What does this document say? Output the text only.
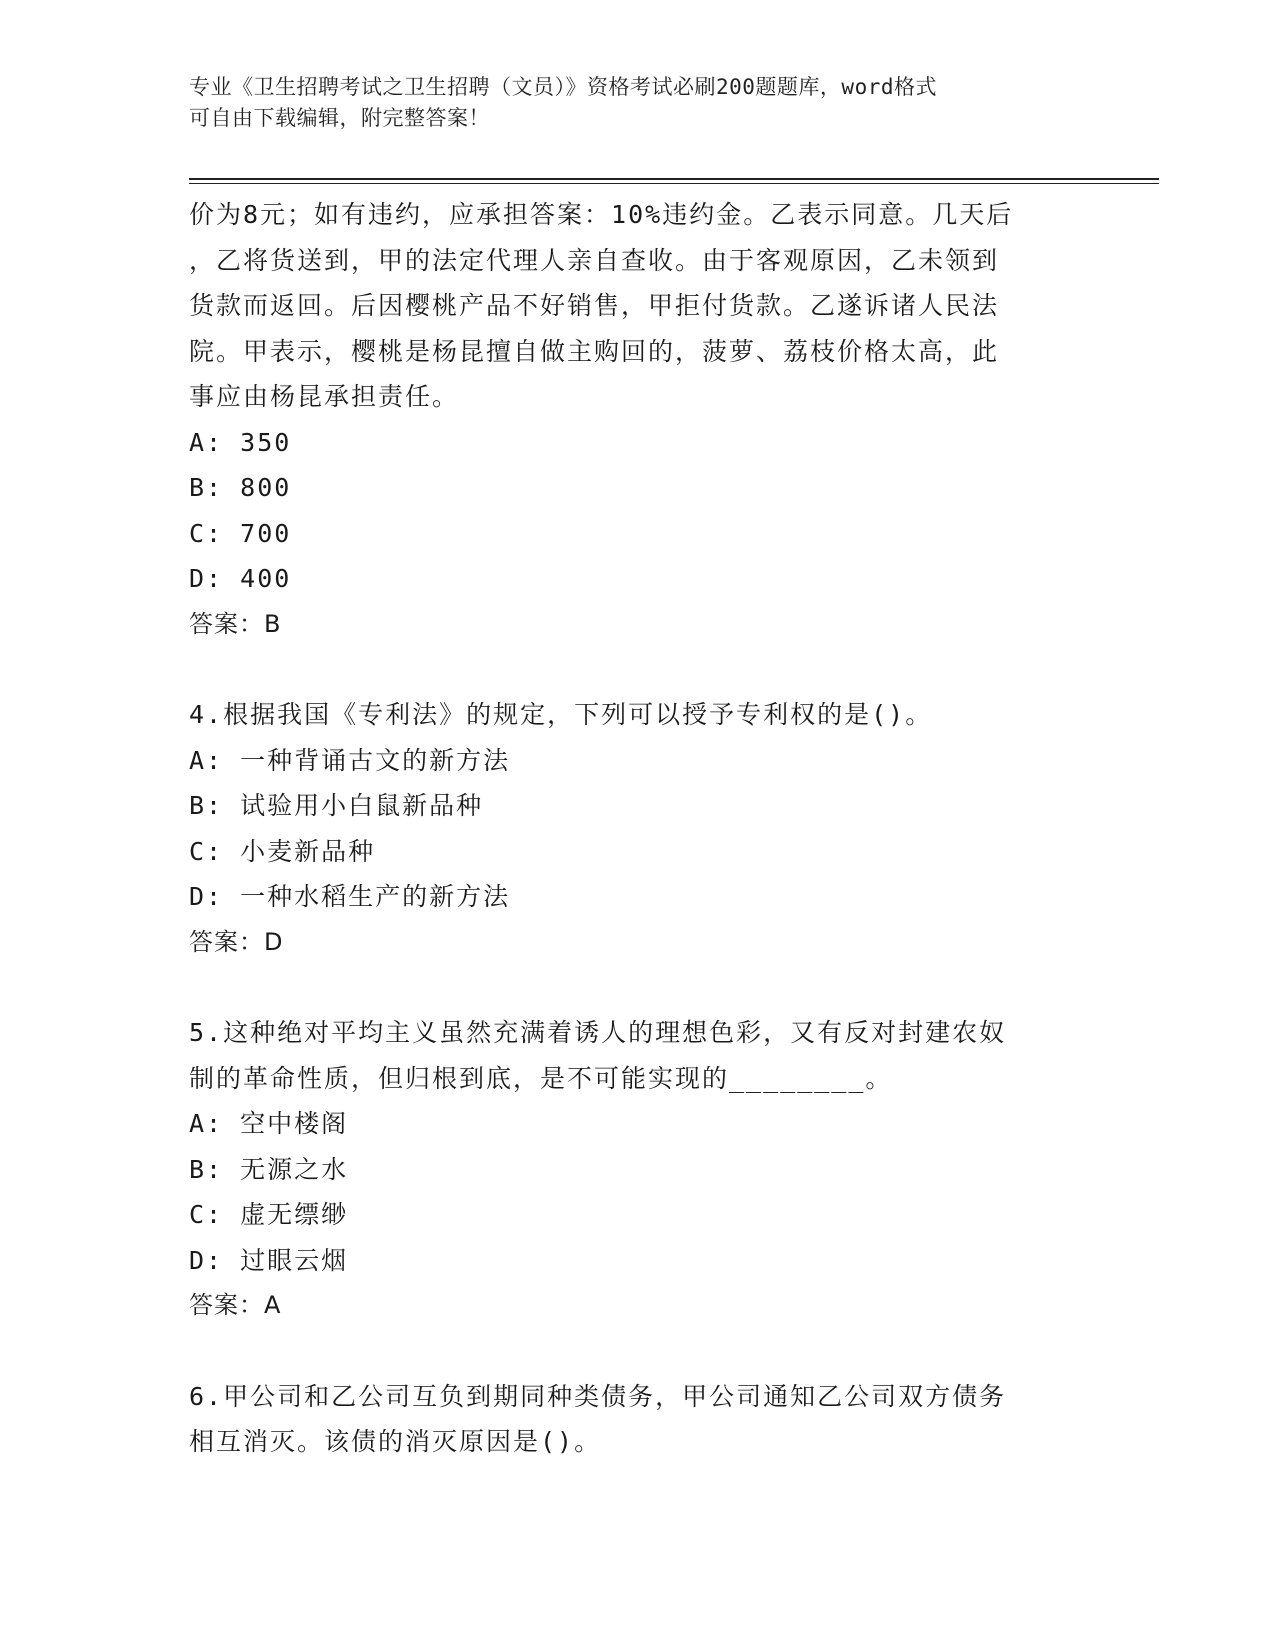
专业《卫生招聘考试之卫生招聘（文员）》资格考试必刷200题题库，word格式
可自由下载编辑，附完整答案！

价为8元；如有违约，应承担答案：10%违约金。乙表示同意。几天后

，乙将货送到，甲的法定代理人亲自查收。由于客观原因，乙未领到

货款而返回。后因樱桃产品不好销售，甲拒付货款。乙遂诉诸人民法

院。甲表示，樱桃是杨昆擅自做主购回的，菠萝、荔枝价格太高，此

事应由杨昆承担责任。

A: 350

B: 800

C: 700

D: 400

答案：B

4.根据我国《专利法》的规定，下列可以授予专利权的是()。

A: 一种背诵古文的新方法

B: 试验用小白鼠新品种

C: 小麦新品种

D: 一种水稻生产的新方法

答案：D

5.这种绝对平均主义虽然充满着诱人的理想色彩，又有反对封建农奴

制的革命性质，但归根到底，是不可能实现的________。

A: 空中楼阁

B: 无源之水

C: 虚无缥缈

D: 过眼云烟

答案：A

6.甲公司和乙公司互负到期同种类债务，甲公司通知乙公司双方债务

相互消灭。该债的消灭原因是()。
